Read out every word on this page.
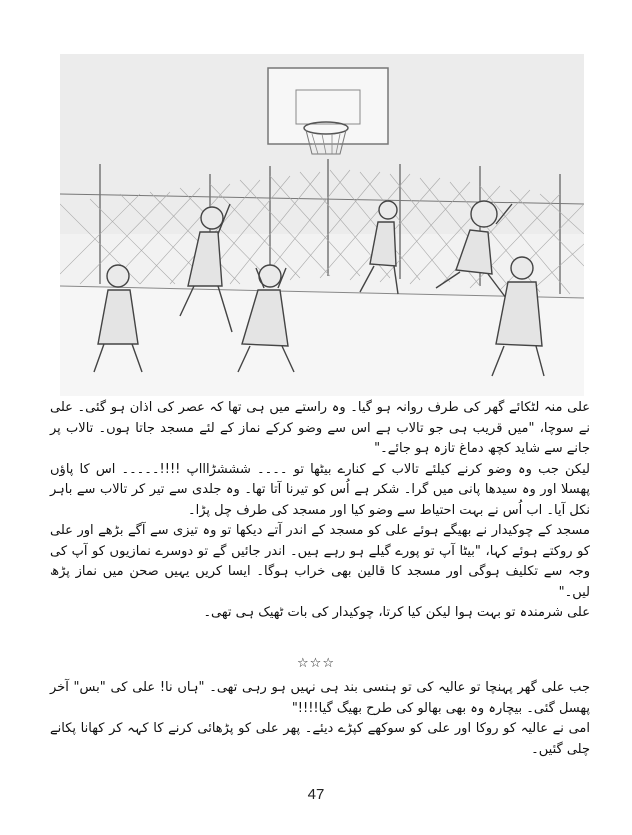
علی منہ لٹکائے گھر کی طرف روانہ ہو گیا۔ وہ راستے میں ہی تھا کہ عصر کی اذان ہو گئی۔ علی نے سوچا، "میں قریب ہی جو تالاب ہے اس سے وضو کرکے نماز کے لئے مسجد جاتا ہوں۔ تالاب پر جانے سے شاید کچھ دماغ تازہ ہو جائے۔"

لیکن جب وہ وضو کرنے کیلئے تالاب کے کنارے بیٹھا تو ۔۔۔۔ شششڑاااپ !!!!۔۔۔۔۔ اس کا پاؤں پھسلا اور وہ سیدھا پانی میں گرا۔ شکر ہے اُس کو تیرنا آتا تھا۔ وہ جلدی سے تیر کر تالاب سے باہر نکل آیا۔ اب اُس نے بہت احتیاط سے وضو کیا اور مسجد کی طرف چل پڑا۔

مسجد کے چوکیدار نے بھیگے ہوئے علی کو مسجد کے اندر آتے دیکھا تو وہ تیزی سے آگے بڑھے اور علی کو روکتے ہوئے کہا، "بیٹا آپ تو پورے گیلے ہو رہے ہیں۔ اندر جائیں گے تو دوسرے نمازیوں کو آپ کی وجہ سے تکلیف ہوگی اور مسجد کا قالین بھی خراب ہوگا۔ ایسا کریں یہیں صحن میں نماز پڑھ لیں۔"

علی شرمندہ تو بہت ہوا لیکن کیا کرتا، چوکیدار کی بات ٹھیک ہی تھی۔

☆☆☆

جب علی گھر پہنچا تو عالیہ کی تو ہنسی بند ہی نہیں ہو رہی تھی۔ "ہاں نا! علی کی "بس" آخر پھسل گئی۔ بیچارہ وہ بھی بھالو کی طرح بھیگ گیا!!!!"

امی نے عالیہ کو روکا اور علی کو سوکھے کپڑے دیئے۔ پھر علی کو پڑھائی کرنے کا کہہ کر کھانا پکانے چلی گئیں۔

47
